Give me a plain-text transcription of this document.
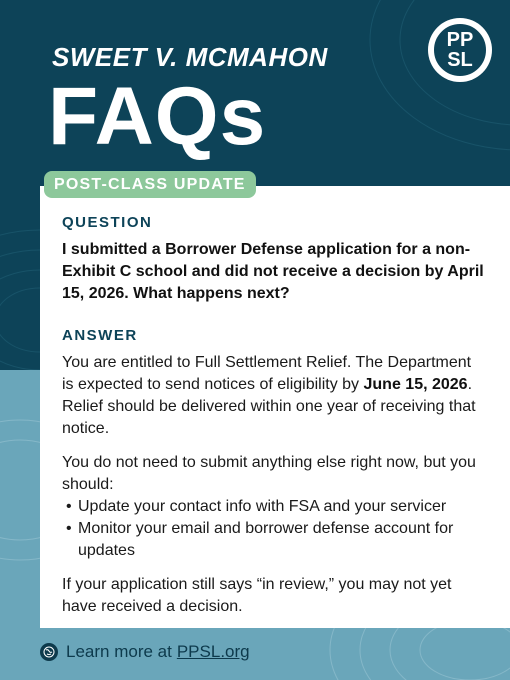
SWEET V. MCMAHON
FAQs
PP
SL
POST-CLASS UPDATE
QUESTION
I submitted a Borrower Defense application for a non-Exhibit C school and did not receive a decision by April 15, 2026. What happens next?
ANSWER

You are entitled to Full Settlement Relief. The Department is expected to send notices of eligibility by June 15, 2026. Relief should be delivered within one year of receiving that notice.

You do not need to submit anything else right now, but you should:

• Update your contact info with FSA and your servicer
• Monitor your email and borrower defense account for updates

If your application still says “in review,” you may not yet have received a decision.

Learn more at PPSL.org
